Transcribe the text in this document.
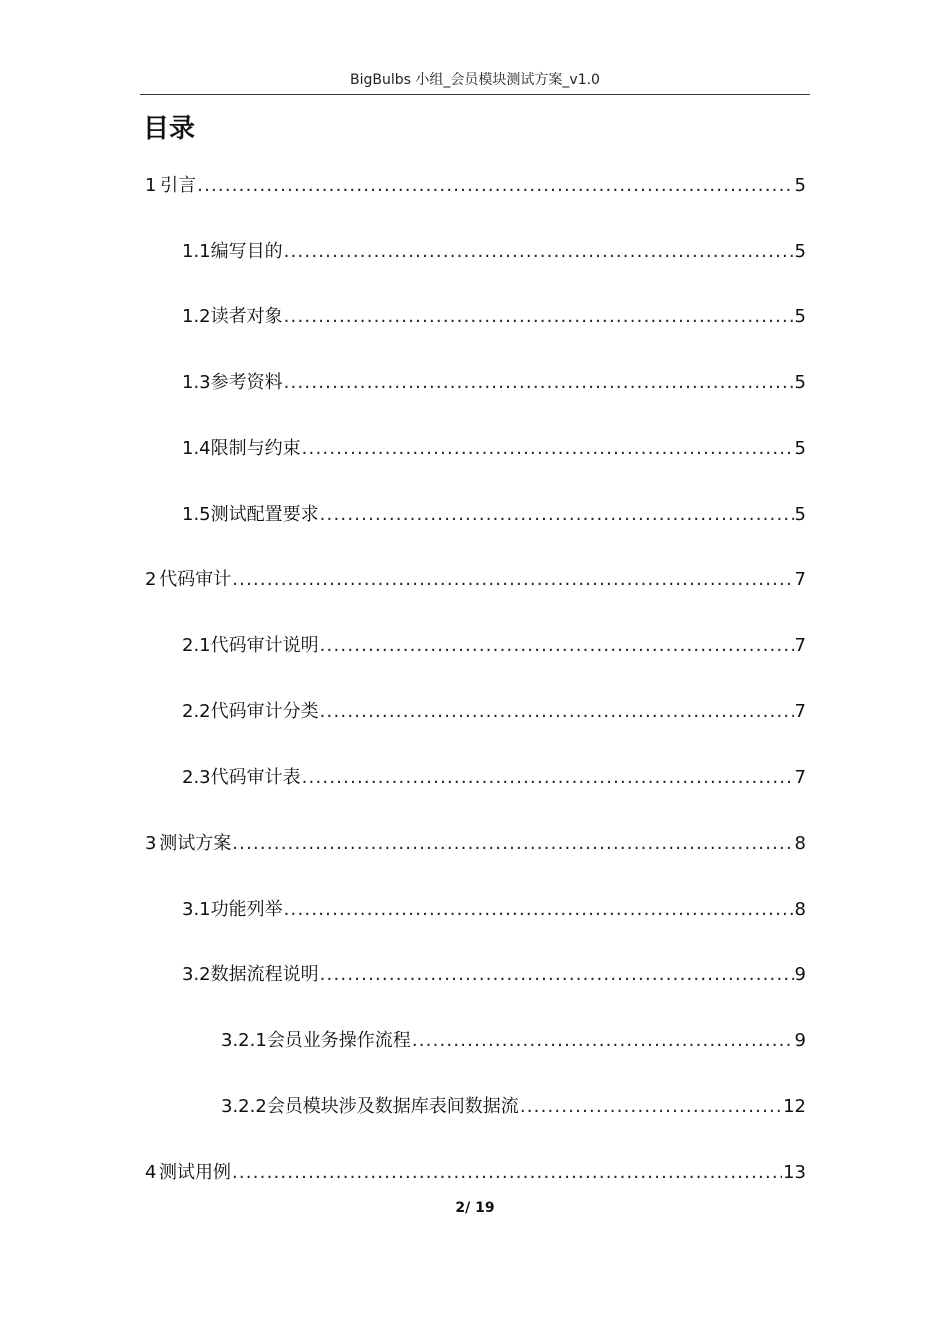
BigBulbs 小组_会员模块测试方案_v1.0
目录
1 引言 .....	5
1.1 编写目的 .....	5
1.2 读者对象 .....	5
1.3 参考资料 .....	5
1.4 限制与约束 .....	5
1.5 测试配置要求 .....	5
2 代码审计 .....	7
2.1 代码审计说明 .....	7
2.2 代码审计分类 .....	7
2.3 代码审计表 .....	7
3 测试方案 .....	8
3.1 功能列举 .....	8
3.2 数据流程说明 .....	9
3.2.1 会员业务操作流程 .....	9
3.2.2 会员模块涉及数据库表间数据流 .....	12
4 测试用例 .....	13
2/ 19
